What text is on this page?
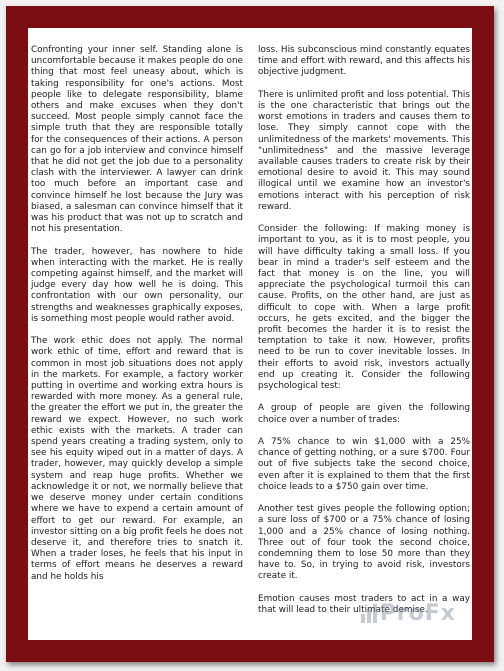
Confronting your inner self. Standing alone is uncomfortable because it makes people do one thing that most feel uneasy about, which is taking responsibility for one's actions. Most people like to delegate responsibility, blame others and make excuses when they don't succeed. Most people simply cannot face the simple truth that they are responsible totally for the consequences of their actions. A person can go for a job interview and convince himself that he did not get the job due to a personality clash with the interviewer. A lawyer can drink too much before an important case and convince himself he lost because the Jury was biased, a salesman can convince himself that it was his product that was not up to scratch and not his presentation.

The trader, however, has nowhere to hide when interacting with the market. He is really competing against himself, and the market will judge every day how well he is doing. This confrontation with our own personality, our strengths and weaknesses graphically exposes, is something most people would rather avoid.

The work ethic does not apply. The normal work ethic of time, effort and reward that is common in most job situations does not apply in the markets. For example, a factory worker putting in overtime and working extra hours is rewarded with more money. As a general rule, the greater the effort we put in, the greater the reward we expect. However, no such work ethic exists with the markets. A trader can spend years creating a trading system, only to see his equity wiped out in a matter of days. A trader, however, may quickly develop a simple system and reap huge profits. Whether we acknowledge it or not, we normally believe that we deserve money under certain conditions where we have to expend a certain amount of effort to get our reward. For example, an investor sitting on a big profit feels he does not deserve it, and therefore tries to snatch it. When a trader loses, he feels that his input in terms of effort means he deserves a reward and he holds his

loss. His subconscious mind constantly equates time and effort with reward, and this affects his objective judgment.

There is unlimited profit and loss potential. This is the one characteristic that brings out the worst emotions in traders and causes them to lose. They simply cannot cope with the unlimitedness of the markets' movements. This "unlimitedness" and the massive leverage available causes traders to create risk by their emotional desire to avoid it. This may sound illogical until we examine how an investor's emotions interact with his perception of risk reward.

Consider the following: If making money is important to you, as it is to most people, you will have difficulty taking a small loss. If you bear in mind a trader's self esteem and the fact that money is on the line, you will appreciate the psychological turmoil this can cause. Profits, on the other hand, are just as difficult to cope with. When a large profit occurs, he gets excited, and the bigger the profit becomes the harder it is to resist the temptation to take it now. However, profits need to be run to cover inevitable losses. In their efforts to avoid risk, investors actually end up creating it. Consider the following psychological test:

A group of people are given the following choice over a number of trades:

A 75% chance to win $1,000 with a 25% chance of getting nothing, or a sure $700. Four out of five subjects take the second choice, even after it is explained to them that the first choice leads to a $750 gain over time.

Another test gives people the following option; a sure loss of $700 or a 75% chance of losing 1,000 and a 25% chance of losing nothing. Three out of four took the second choice, condemning them to lose 50 more than they have to. So, in trying to avoid risk, investors create it.

Emotion causes most traders to act in a way that will lead to their ultimate demise.

ProFx
